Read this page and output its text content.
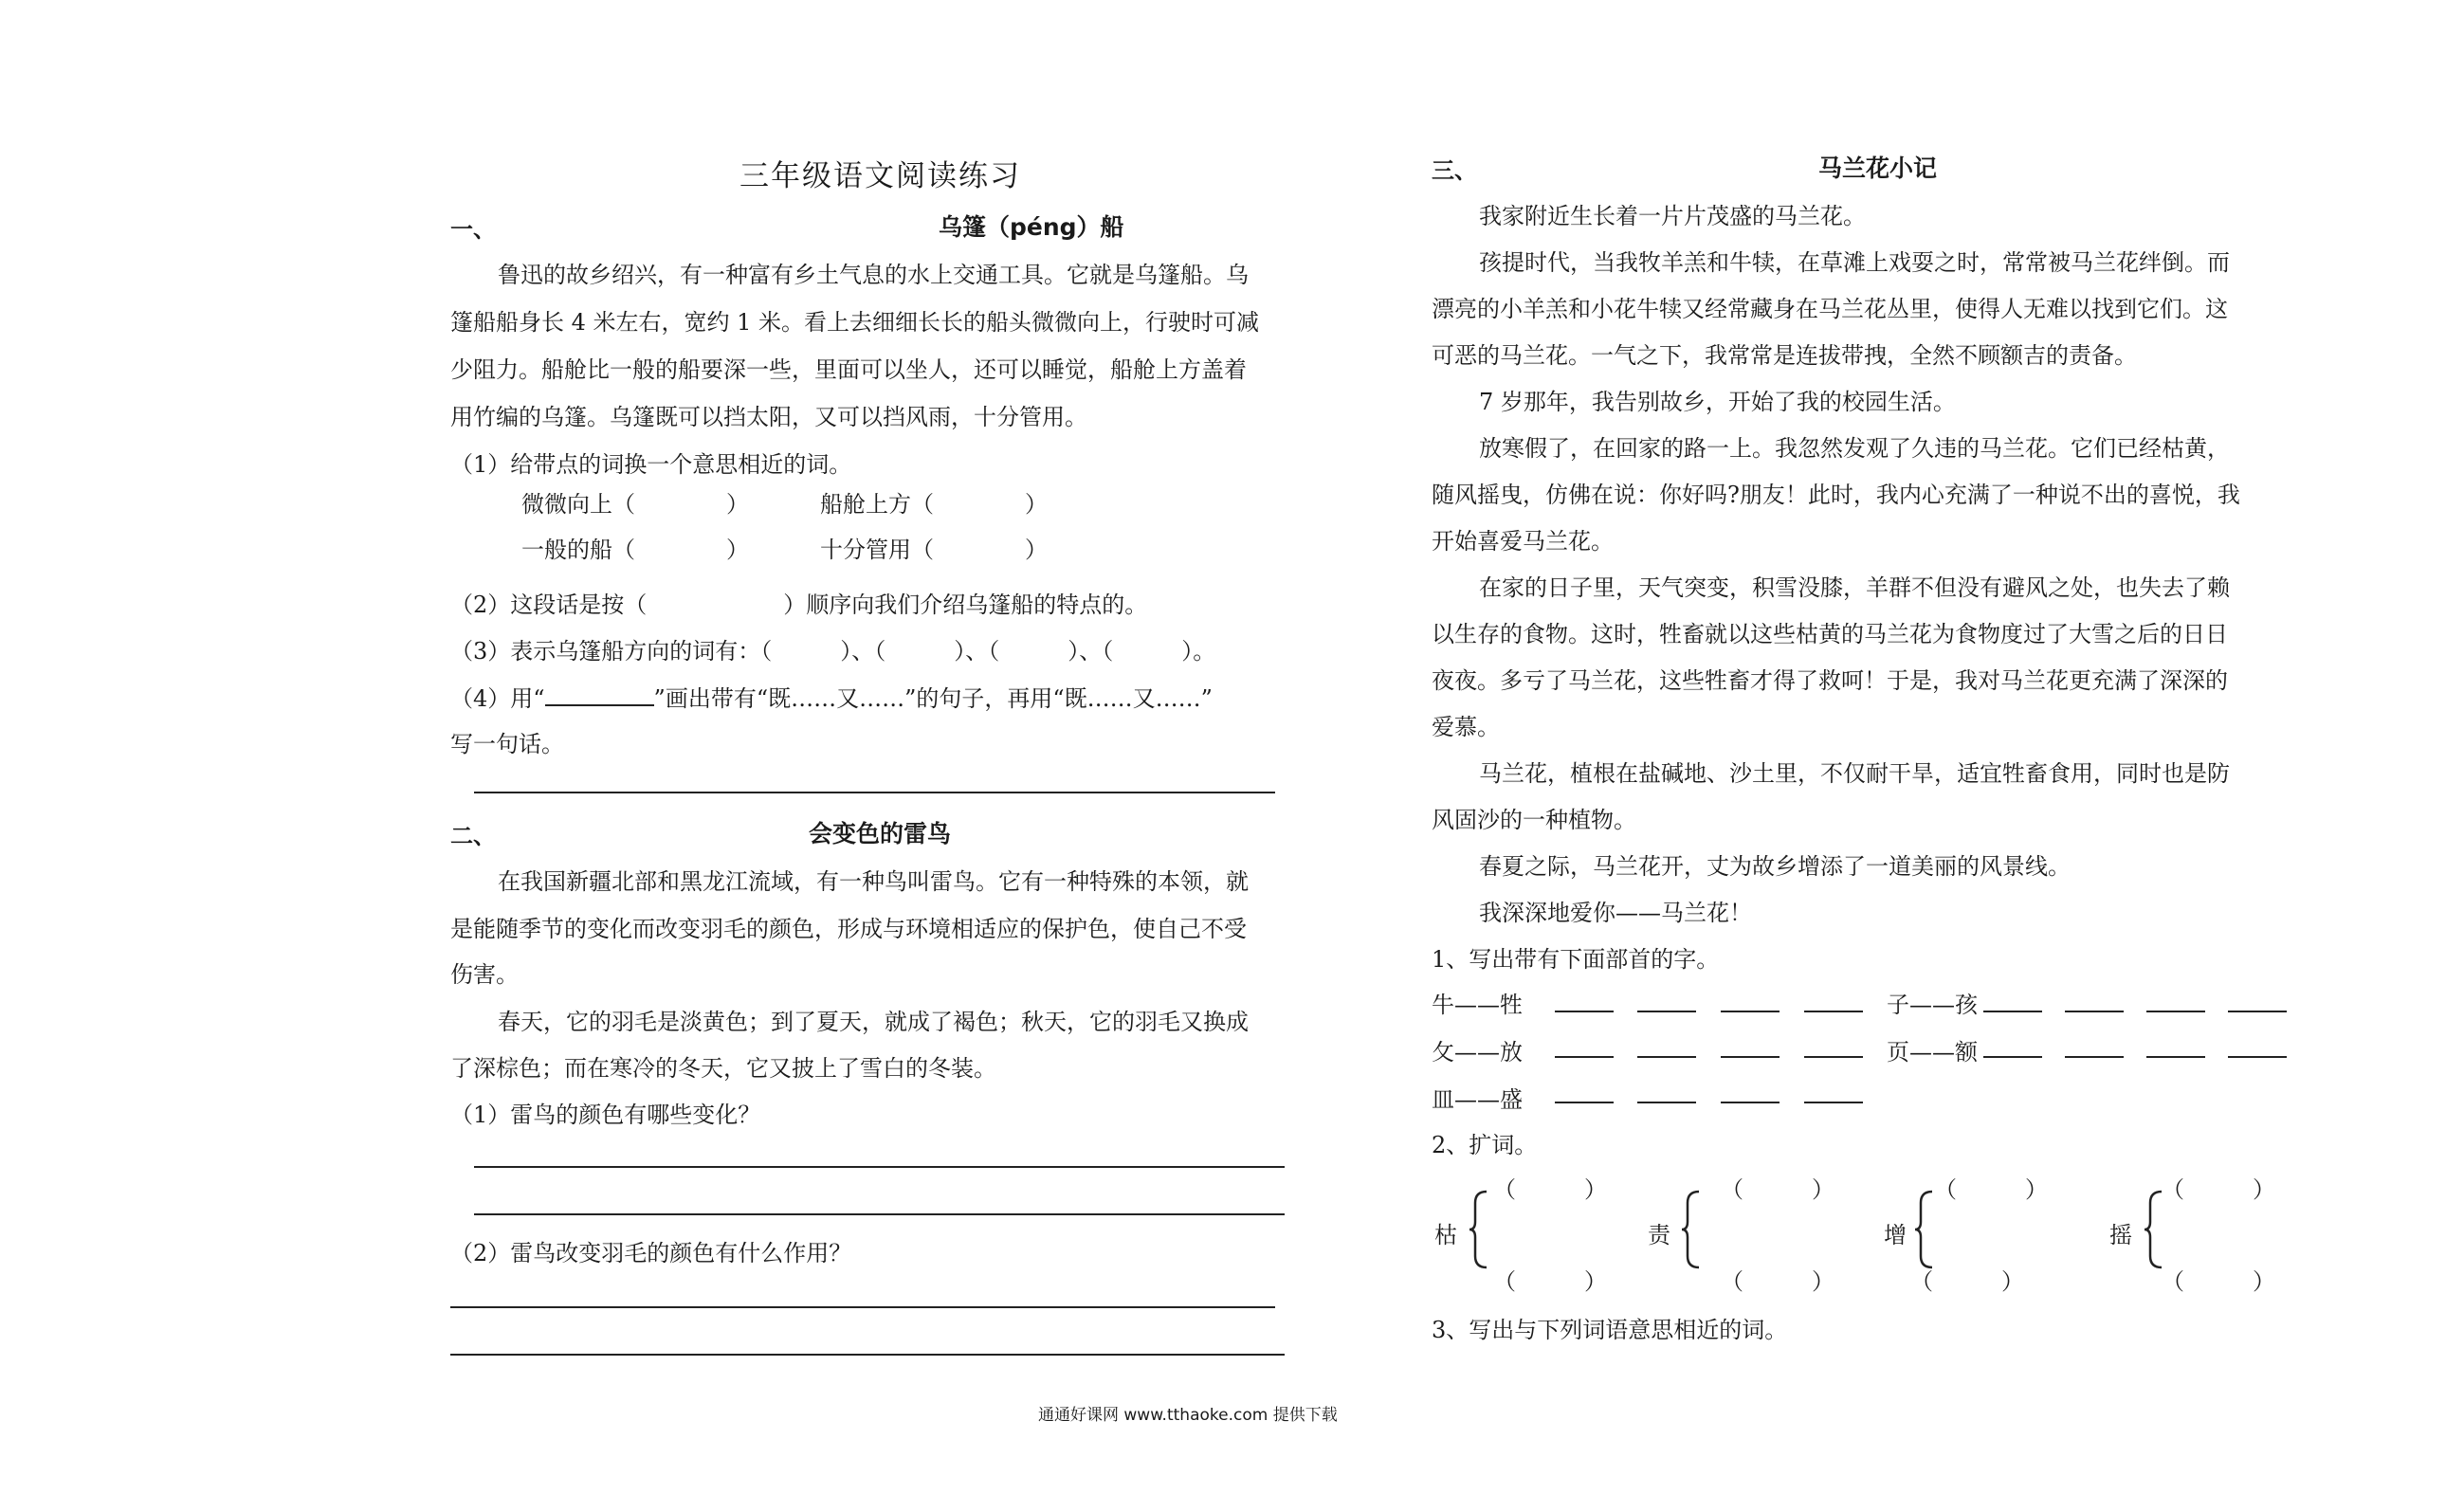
三年级语文阅读练习
一、	乌篷（péng）船
鲁迅的故乡绍兴，有一种富有乡土气息的水上交通工具。它就是乌篷船。乌
篷船船身长 4 米左右，宽约 1 米。看上去细细长长的船头微微向上，行驶时可减
少阻力。船舱比一般的船要深一些，里面可以坐人，还可以睡觉，船舱上方盖着
用竹编的乌篷。乌篷既可以挡太阳，又可以挡风雨，十分管用。
（1）给带点的词换一个意思相近的词。
微微向上（　　　　）	船舱上方（　　　　）
一般的船（　　　　）	十分管用（　　　　）
（2）这段话是按（　　　　　　）顺序向我们介绍乌篷船的特点的。
（3）表示乌篷船方向的词有：（　　　）、（　　　）、（　　　）、（　　　）。
（4）用“	”画出带有“既……又……”的句子，再用“既……又……”
写一句话。
二、	会变色的雷鸟
在我国新疆北部和黑龙江流域，有一种鸟叫雷鸟。它有一种特殊的本领，就
是能随季节的变化而改变羽毛的颜色，形成与环境相适应的保护色，使自己不受
伤害。
春天，它的羽毛是淡黄色；到了夏天，就成了褐色；秋天，它的羽毛又换成
了深棕色；而在寒冷的冬天，它又披上了雪白的冬装。
（1）雷鸟的颜色有哪些变化？
（2）雷鸟改变羽毛的颜色有什么作用？
三、	马兰花小记
我家附近生长着一片片茂盛的马兰花。
孩提时代，当我牧羊羔和牛犊，在草滩上戏耍之时，常常被马兰花绊倒。而
漂亮的小羊羔和小花牛犊又经常藏身在马兰花丛里，使得人无难以找到它们。这
可恶的马兰花。一气之下，我常常是连拔带拽，全然不顾额吉的责备。
7 岁那年，我告别故乡，开始了我的校园生活。
放寒假了，在回家的路一上。我忽然发观了久违的马兰花。它们已经枯黄，
随风摇曳，仿佛在说：你好吗?朋友！此时，我内心充满了一种说不出的喜悦，我
开始喜爱马兰花。
在家的日子里，天气突变，积雪没膝，羊群不但没有避风之处，也失去了赖
以生存的食物。这时，牲畜就以这些枯黄的马兰花为食物度过了大雪之后的日日
夜夜。多亏了马兰花，这些牲畜才得了救呵！于是，我对马兰花更充满了深深的
爱慕。
马兰花，植根在盐碱地、沙土里，不仅耐干旱，适宜牲畜食用，同时也是防
风固沙的一种植物。
春夏之际，马兰花开，丈为故乡增添了一道美丽的风景线。
我深深地爱你——马兰花！
1、写出带有下面部首的字。
牛——牲	子——孩
攵——放	页——额
皿——盛
2、扩词。
3、写出与下列词语意思相近的词。
枯
（　　　）
（　　　）
责
（　　　）
（　　　）
增
（　　　）
（　　　）
摇
（　　　）
（　　　）
通通好课网 www.tthaoke.com 提供下载
